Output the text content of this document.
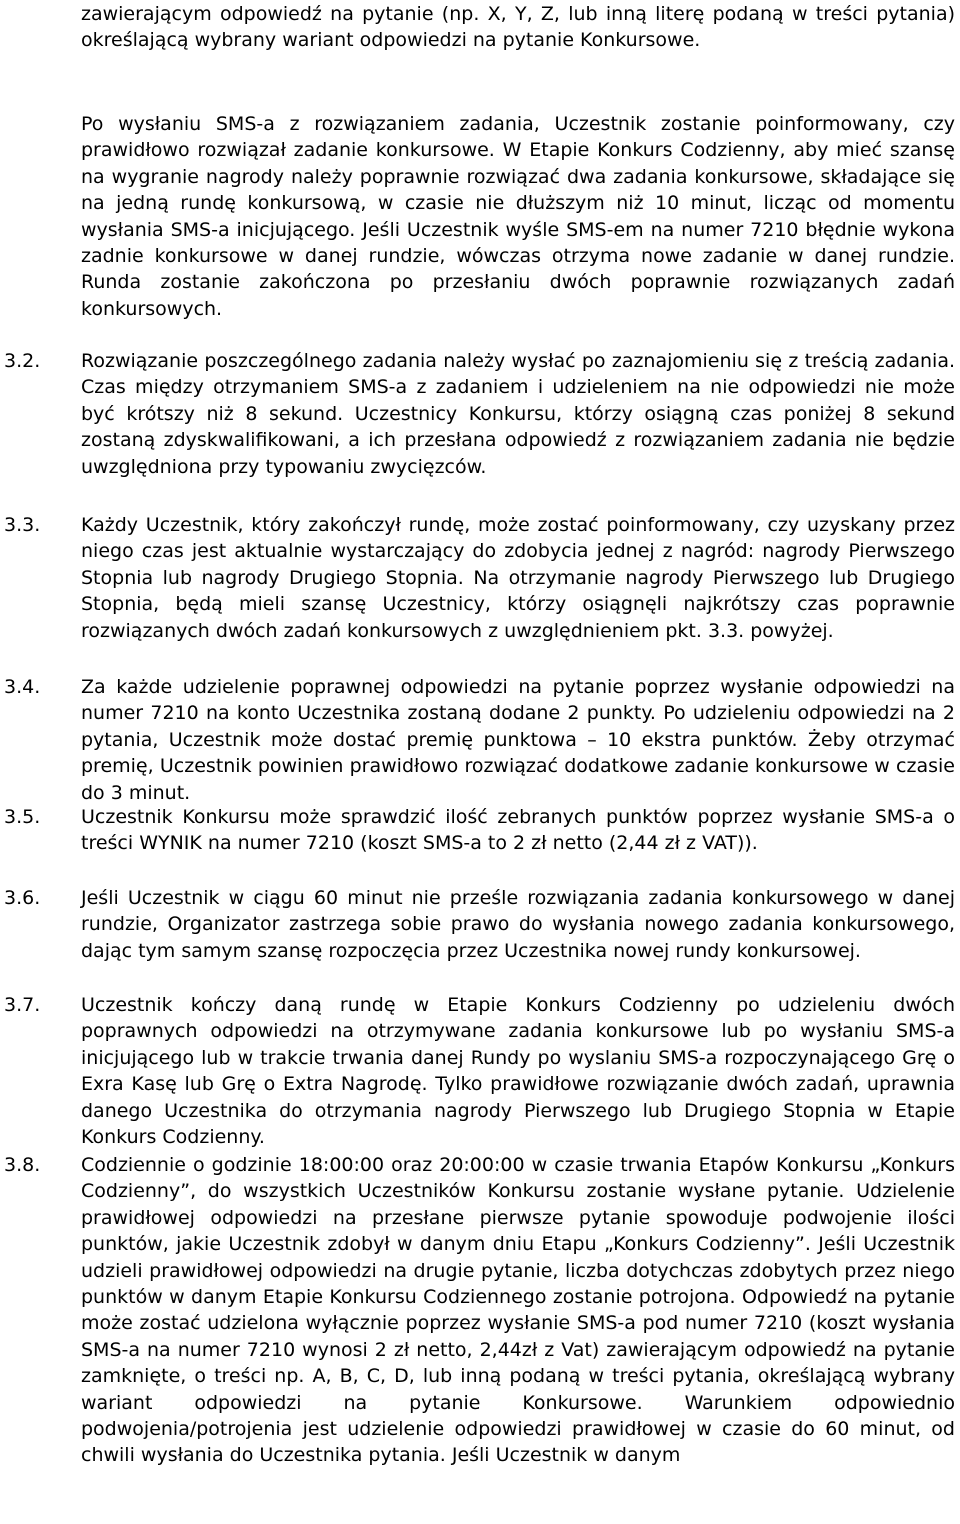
zawierającym odpowiedź na pytanie (np. X, Y, Z, lub inną literę podaną w treści pytania) określającą wybrany wariant odpowiedzi na pytanie Konkursowe.
Po wysłaniu SMS-a z rozwiązaniem zadania, Uczestnik zostanie poinformowany, czy prawidłowo rozwiązał zadanie konkursowe. W Etapie Konkurs Codzienny, aby mieć szansę na wygranie nagrody należy poprawnie rozwiązać dwa zadania konkursowe, składające się na jedną rundę konkursową, w czasie nie dłuższym niż 10 minut, licząc od momentu wysłania SMS-a inicjującego. Jeśli Uczestnik wyśle SMS-em na numer 7210 błędnie wykona zadnie konkursowe w danej rundzie, wówczas otrzyma nowe zadanie w danej rundzie. Runda zostanie zakończona po przesłaniu dwóch poprawnie rozwiązanych zadań konkursowych.
3.2. Rozwiązanie poszczególnego zadania należy wysłać po zaznajomieniu się z treścią zadania. Czas między otrzymaniem SMS-a z zadaniem i udzieleniem na nie odpowiedzi nie może być krótszy niż 8 sekund. Uczestnicy Konkursu, którzy osiągną czas poniżej 8 sekund zostaną zdyskwalifikowani, a ich przesłana odpowiedź z rozwiązaniem zadania nie będzie uwzględniona przy typowaniu zwycięzców.
3.3. Każdy Uczestnik, który zakończył rundę, może zostać poinformowany, czy uzyskany przez niego czas jest aktualnie wystarczający do zdobycia jednej z nagród: nagrody Pierwszego Stopnia lub nagrody Drugiego Stopnia. Na otrzymanie nagrody Pierwszego lub Drugiego Stopnia, będą mieli szansę Uczestnicy, którzy osiągnęli najkrótszy czas poprawnie rozwiązanych dwóch zadań konkursowych z uwzględnieniem pkt. 3.3. powyżej.
3.4. Za każde udzielenie poprawnej odpowiedzi na pytanie poprzez wysłanie odpowiedzi na numer 7210 na konto Uczestnika zostaną dodane 2 punkty. Po udzieleniu odpowiedzi na 2 pytania, Uczestnik może dostać premię punktowa – 10 ekstra punktów. Żeby otrzymać premię, Uczestnik powinien prawidłowo rozwiązać dodatkowe zadanie konkursowe w czasie do 3 minut.
3.5. Uczestnik Konkursu może sprawdzić ilość zebranych punktów poprzez wysłanie SMS-a o treści WYNIK na numer 7210 (koszt SMS-a to 2 zł netto (2,44 zł z VAT)).
3.6. Jeśli Uczestnik w ciągu 60 minut nie prześle rozwiązania zadania konkursowego w danej rundzie, Organizator zastrzega sobie prawo do wysłania nowego zadania konkursowego, dając tym samym szansę rozpoczęcia przez Uczestnika nowej rundy konkursowej.
3.7. Uczestnik kończy daną rundę w Etapie Konkurs Codzienny po udzieleniu dwóch poprawnych odpowiedzi na otrzymywane zadania konkursowe lub po wysłaniu SMS-a inicjującego lub w trakcie trwania danej Rundy po wyslaniu SMS-a rozpoczynającego Grę o Exra Kasę lub Grę o Extra Nagrodę. Tylko prawidłowe rozwiązanie dwóch zadań, uprawnia danego Uczestnika do otrzymania nagrody Pierwszego lub Drugiego Stopnia w Etapie Konkurs Codzienny.
3.8. Codziennie o godzinie 18:00:00 oraz 20:00:00 w czasie trwania Etapów Konkursu „Konkurs Codzienny”, do wszystkich Uczestników Konkursu zostanie wysłane pytanie. Udzielenie prawidłowej odpowiedzi na przesłane pierwsze pytanie spowoduje podwojenie ilości punktów, jakie Uczestnik zdobył w danym dniu Etapu „Konkurs Codzienny”. Jeśli Uczestnik udzieli prawidłowej odpowiedzi na drugie pytanie, liczba dotychczas zdobytych przez niego punktów w danym Etapie Konkursu Codziennego zostanie potrojona. Odpowiedź na pytanie może zostać udzielona wyłącznie poprzez wysłanie SMS-a pod numer 7210 (koszt wysłania SMS-a na numer 7210 wynosi 2 zł netto, 2,44zł z Vat) zawierającym odpowiedź na pytanie zamknięte, o treści np. A, B, C, D, lub inną podaną w treści pytania, określającą wybrany wariant odpowiedzi na pytanie Konkursowe. Warunkiem odpowiednio podwojenia/potrojenia jest udzielenie odpowiedzi prawidłowej w czasie do 60 minut, od chwili wysłania do Uczestnika pytania. Jeśli Uczestnik w danym
